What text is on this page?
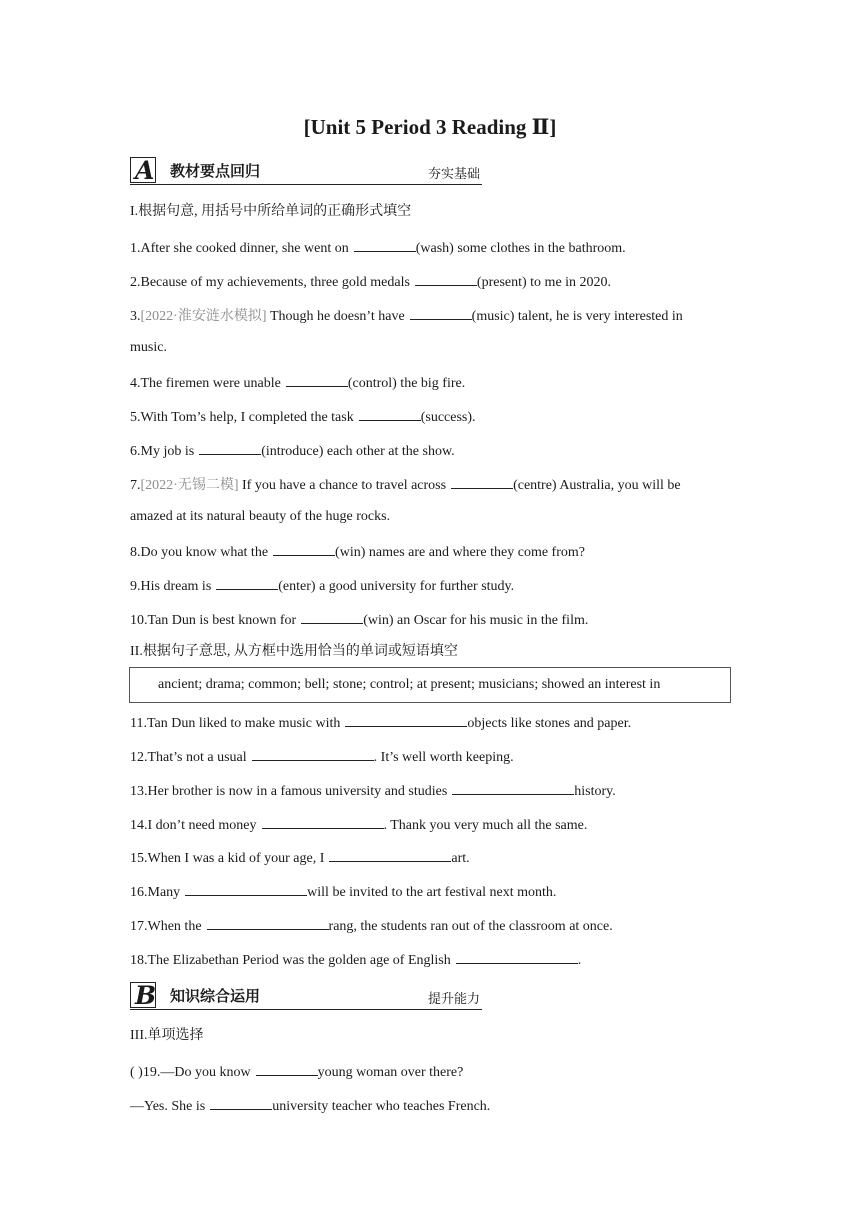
[Unit 5 Period 3 Reading Ⅱ]
A 教材要点回归	夯实基础
I.根据句意, 用括号中所给单词的正确形式填空
1.After she cooked dinner, she went on	(wash) some clothes in the bathroom.
2.Because of my achievements, three gold medals	(present) to me in 2020.
3.[2022·淮安涟水模拟] Though he doesn’t have	(music) talent, he is very interested in
music.
4.The firemen were unable	(control) the big fire.
5.With Tom’s help, I completed the task	(success).
6.My job is	(introduce) each other at the show.
7.[2022·无锡二模] If you have a chance to travel across	(centre) Australia, you will be
amazed at its natural beauty of the huge rocks.
8.Do you know what the	(win) names are and where they come from?
9.His dream is	(enter) a good university for further study.
10.Tan Dun is best known for	(win) an Oscar for his music in the film.
II.根据句子意思, 从方框中选用恰当的单词或短语填空
ancient; drama; common; bell; stone; control; at present; musicians; showed an interest in
11.Tan Dun liked to make music with	objects like stones and paper.
12.That’s not a usual	. It’s well worth keeping.
13.Her brother is now in a famous university and studies	history.
14.I don’t need money	. Thank you very much all the same.
15.When I was a kid of your age, I	art.
16.Many	will be invited to the art festival next month.
17.When the	rang, the students ran out of the classroom at once.
18.The Elizabethan Period was the golden age of English	.
B 知识综合运用	提升能力
III.单项选择
( )19.—Do you know	young woman over there?
—Yes. She is	university teacher who teaches French.
